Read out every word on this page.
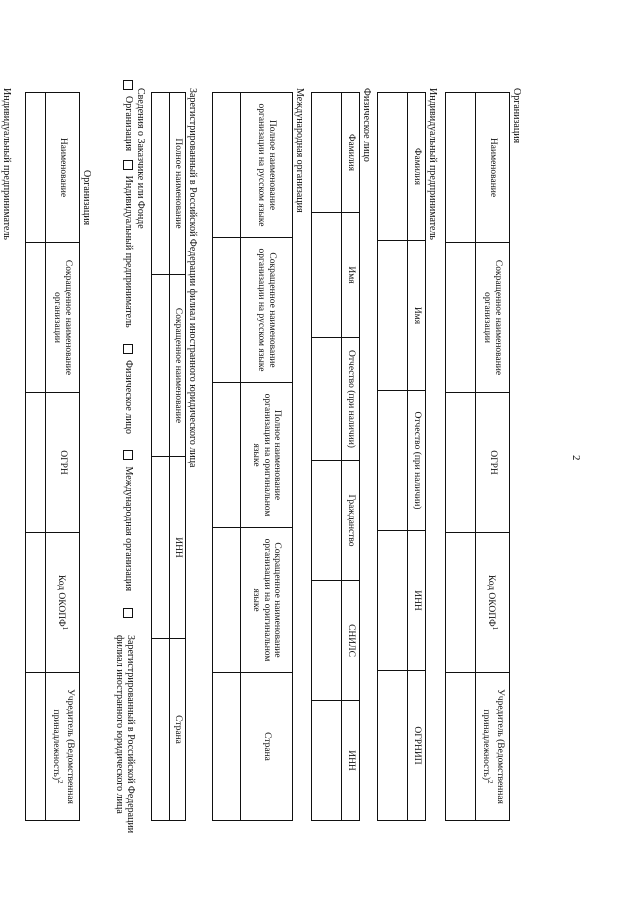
2
Организация
Наименование	Сокращенное наименование организации	ОГРН	Код ОКОПФ$^1$	Учредитель (Ведомственная принадлежность)$^2$

Индивидуальный предприниматель
Фамилия	Имя	Отчество (при наличии)	ИНН	ОГРНИП

Физическое лицо
Фамилия	Имя	Отчество (при наличии)	Гражданство	СНИЛС	ИНН

Международная организация
Полное наименование организации на русском языке	Сокращенное наименование организации на русском языке	Полное наименование организации на оригинальном языке	Сокращенное наименование организации на оригинальном языке	Страна

Зарегистрированный в Российской Федерации филиал иностранного юридического лица
Полное наименование	Сокращенное наименование	ИНН	Страна

Сведения о Заказчике или Фонде
Организация Индивидуальный предприниматель Физическое лицо Международная организация
Зарегистрированный в Российской Федерации филиал иностранного юридического лица
Организация
Наименование	Сокращенное наименование организации	ОГРН	Код ОКОПФ$^1$	Учредитель (Ведомственная принадлежность)$^2$

Индивидуальный предприниматель
